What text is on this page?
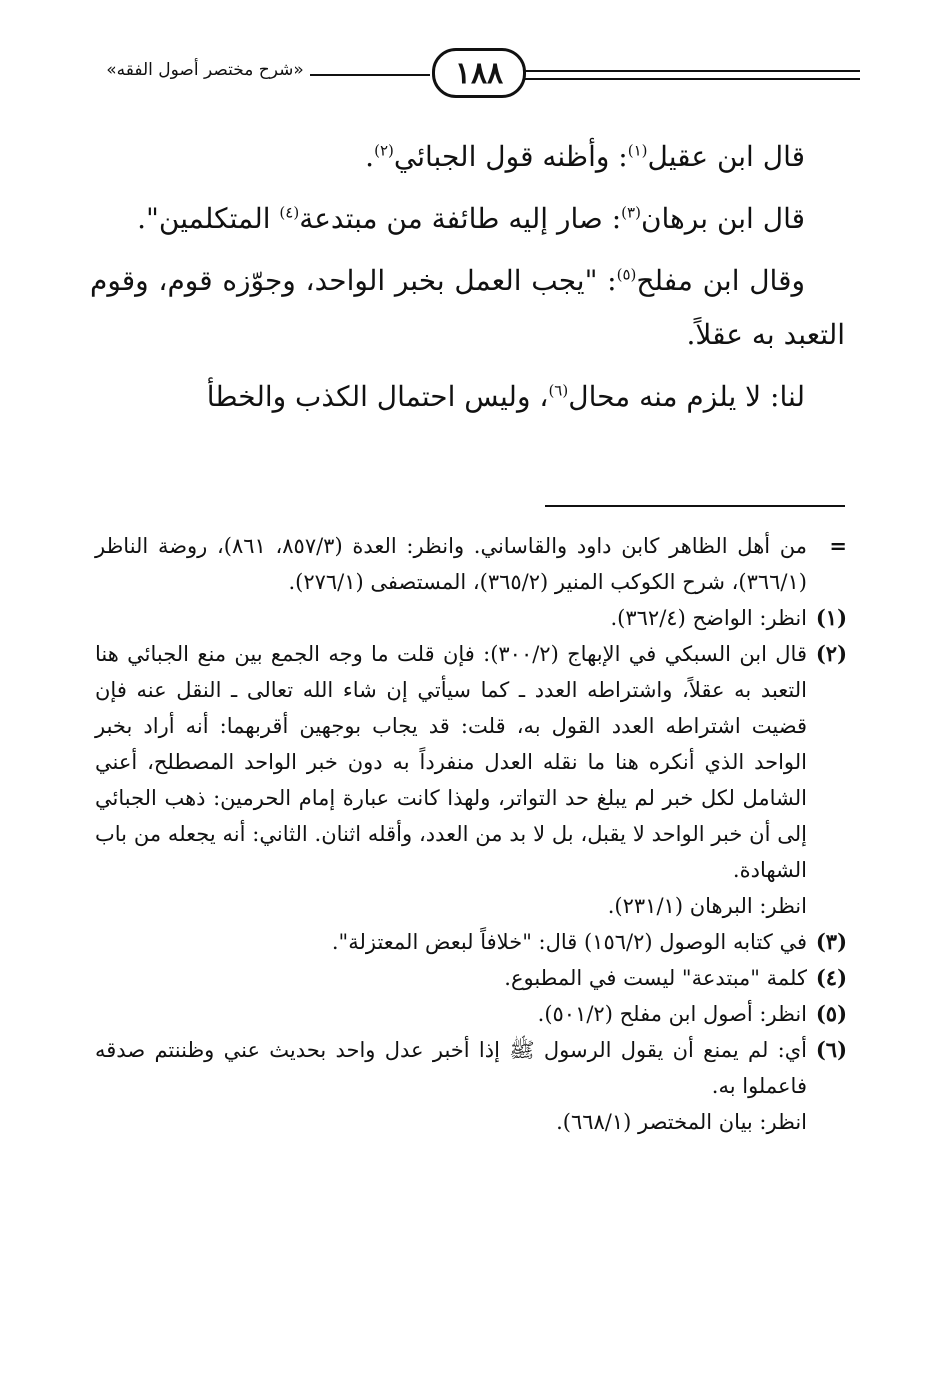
«شرح مختصر أصول الفقه»	١٨٨

قال ابن عقيل$^{(١)}$: وأظنه قول الجبائي$^{(٢)}$.

قال ابن برهان$^{(٣)}$: صار إليه طائفة من مبتدعة$^{(٤)}$ المتكلمين".

وقال ابن مفلح$^{(٥)}$: "يجب العمل بخبر الواحد، وجوّزه قوم، وقوم التعبد به عقلاً.

لنا: لا يلزم منه محال$^{(٦)}$، وليس احتمال الكذب والخطأ

=
من أهل الظاهر كابن داود والقاساني. وانظر: العدة (٨٥٧/٣، ٨٦١)، روضة الناظر (٣٦٦/١)، شرح الكوكب المنير (٣٦٥/٢)، المستصفى (٢٧٦/١).

(١)
انظر: الواضح (٣٦٢/٤).

(٢)
قال ابن السبكي في الإبهاج (٣٠٠/٢): فإن قلت ما وجه الجمع بين منع الجبائي هنا التعبد به عقلاً، واشتراطه العدد ـ كما سيأتي إن شاء الله تعالى ـ النقل عنه فإن قضيت اشتراطه العدد القول به، قلت: قد يجاب بوجهين أقربهما: أنه أراد بخبر الواحد الذي أنكره هنا ما نقله العدل منفرداً به دون خبر الواحد المصطلح، أعني الشامل لكل خبر لم يبلغ حد التواتر، ولهذا كانت عبارة إمام الحرمين: ذهب الجبائي إلى أن خبر الواحد لا يقبل، بل لا بد من العدد، وأقله اثنان. الثاني: أنه يجعله من باب الشهادة.
انظر: البرهان (٢٣١/١).

(٣)
في كتابه الوصول (١٥٦/٢) قال: "خلافاً لبعض المعتزلة".

(٤)
كلمة "مبتدعة" ليست في المطبوع.

(٥)
انظر: أصول ابن مفلح (٥٠١/٢).

(٦)
أي: لم يمنع أن يقول الرسول ﷺ إذا أخبر عدل واحد بحديث عني وظننتم صدقه فاعملوا به.
انظر: بيان المختصر (٦٦٨/١).
